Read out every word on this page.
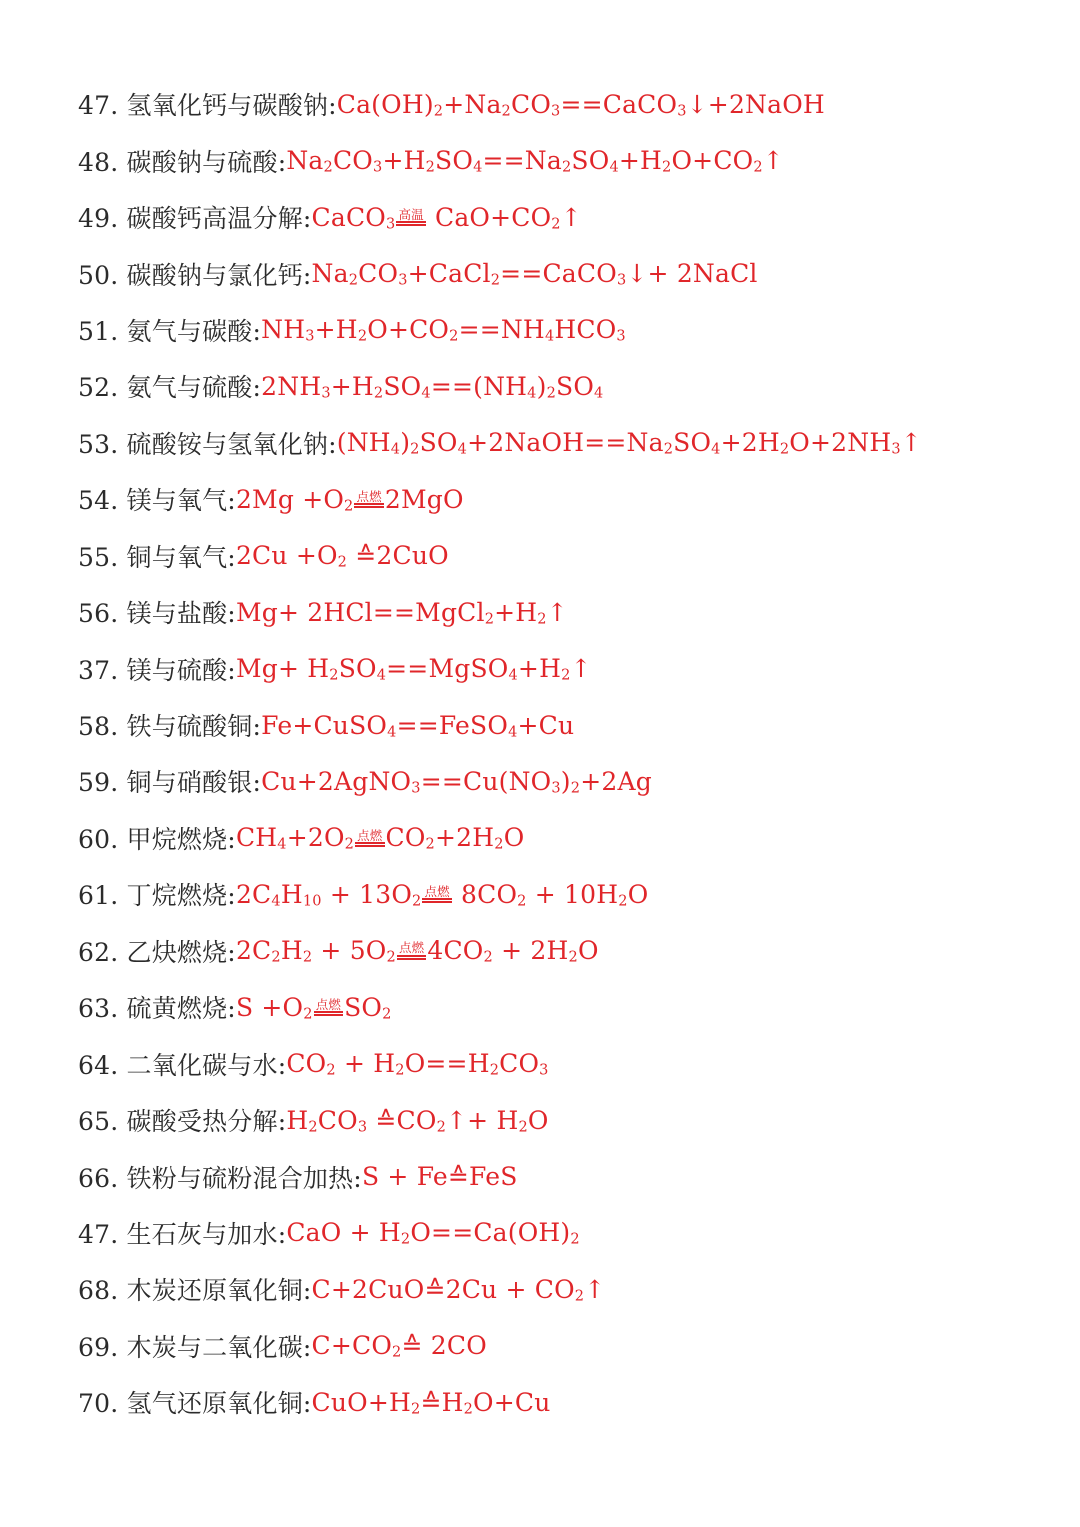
47. 氢氧化钙与碳酸钠: $Ca(OH)_2+Na_2CO_3==CaCO_3↓+2NaOH$
48. 碳酸钠与硫酸: $Na_2CO_3+H_2SO_4==Na_2SO_4+H_2O+CO_2↑$
49. 碳酸钙高温分解: CaCO$_3$高温 $CaO+CO_2↑$
50. 碳酸钠与氯化钙: $Na_2CO_3+CaCl_2==CaCO_3↓+$ 2NaCl
51. 氨气与碳酸: $NH_3+H_2O+CO_2==NH_4HCO_3$
52. 氨气与硫酸: $2NH_3+H_2SO_4==(NH_4)_2SO_4$
53. 硫酸铵与氢氧化钠: $(NH_4)_2SO_4+2NaOH==Na_2SO_4+2H_2O+2NH_3↑$
54. 镁与氧气: $2Mg +O_2$点燃 2MgO
55. 铜与氧气: $2Cu +O_2$ ≙2CuO
56. 镁与盐酸: $Mg+ 2HCl==MgCl_2+H_2↑$
37. 镁与硫酸: $Mg+ H_2SO_4==MgSO_4+H_2↑$
58. 铁与硫酸铜: Fe+CuSO$_4$==FeSO$_4$+Cu
59. 铜与硝酸银: $Cu+2AgNO_3==Cu(NO_3)_2+2Ag$
60. 甲烷燃烧: $CH_4+2O_2$点燃 $CO_2+2H_2O$
61. 丁烷燃烧: $2C_4H_{10} + 13O_2$点燃 $8CO_2 + 10H_2O$
62. 乙炔燃烧: $2C_2H_2 + 5O_2$点燃 $4CO_2 + 2H_2O$
63. 硫黄燃烧: $S +O_2$点燃 $SO_2$
64. 二氧化碳与水: $CO_2 + H_2O==H_2CO_3$
65. 碳酸受热分解: $H_2CO_3$ $≙CO_2↑+ H_2O$
66. 铁粉与硫粉混合加热: S + Fe≙FeS
47. 生石灰与加水: CaO + $H_2O==Ca(OH)_2$
68. 木炭还原氧化铜: C+2CuO≙2Cu + $CO_2↑$
69. 木炭与二氧化碳: $C+CO_2≙$ 2CO
70. 氢气还原氧化铜: $CuO+H_2≙H_2O+Cu$
